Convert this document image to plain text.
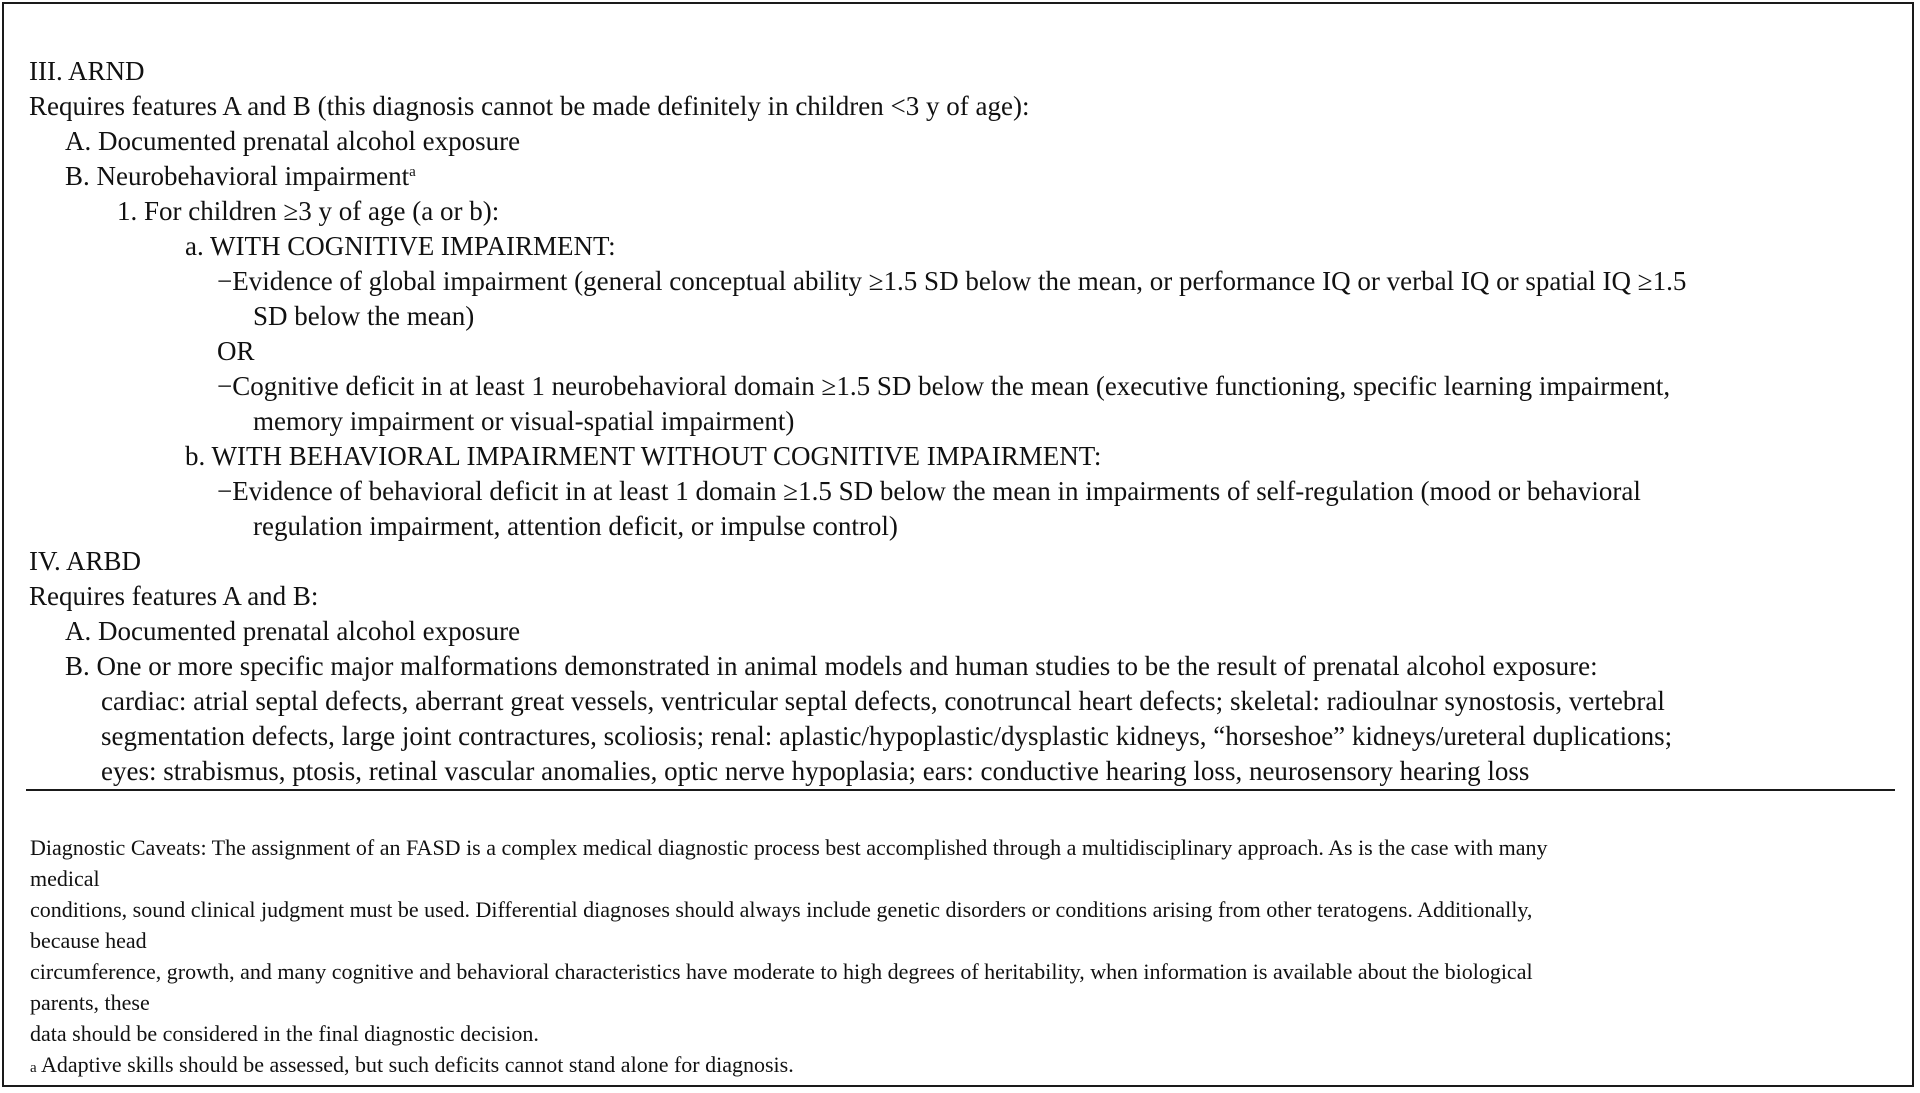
III. ARND
Requires features A and B (this diagnosis cannot be made definitely in children <3 y of age):
A. Documented prenatal alcohol exposure
B. Neurobehavioral impairment$^a$
1. For children ≥3 y of age (a or b):
a. WITH COGNITIVE IMPAIRMENT:
−Evidence of global impairment (general conceptual ability ≥1.5 SD below the mean, or performance IQ or verbal IQ or spatial IQ ≥1.5
SD below the mean)
OR
−Cognitive deficit in at least 1 neurobehavioral domain ≥1.5 SD below the mean (executive functioning, specific learning impairment,
memory impairment or visual-spatial impairment)
b. WITH BEHAVIORAL IMPAIRMENT WITHOUT COGNITIVE IMPAIRMENT:
−Evidence of behavioral deficit in at least 1 domain ≥1.5 SD below the mean in impairments of self-regulation (mood or behavioral
regulation impairment, attention deficit, or impulse control)
IV. ARBD
Requires features A and B:
A. Documented prenatal alcohol exposure
B. One or more specific major malformations demonstrated in animal models and human studies to be the result of prenatal alcohol exposure:
cardiac: atrial septal defects, aberrant great vessels, ventricular septal defects, conotruncal heart defects; skeletal: radioulnar synostosis, vertebral
segmentation defects, large joint contractures, scoliosis; renal: aplastic/hypoplastic/dysplastic kidneys, “horseshoe” kidneys/ureteral duplications;
eyes: strabismus, ptosis, retinal vascular anomalies, optic nerve hypoplasia; ears: conductive hearing loss, neurosensory hearing loss
Diagnostic Caveats: The assignment of an FASD is a complex medical diagnostic process best accomplished through a multidisciplinary approach. As is the case with many
medical
conditions, sound clinical judgment must be used. Differential diagnoses should always include genetic disorders or conditions arising from other teratogens. Additionally,
because head
circumference, growth, and many cognitive and behavioral characteristics have moderate to high degrees of heritability, when information is available about the biological
parents, these
data should be considered in the final diagnostic decision.
a Adaptive skills should be assessed, but such deficits cannot stand alone for diagnosis.
